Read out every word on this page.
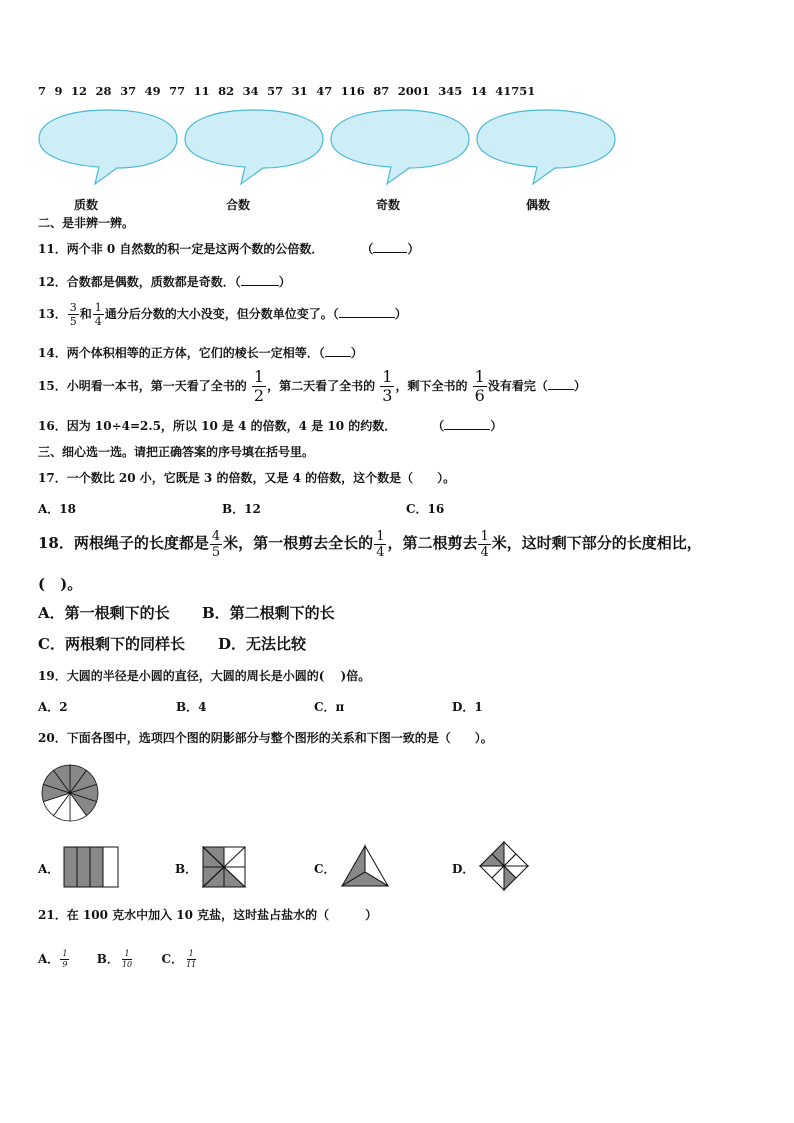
7 9 12 28 37 49 77 11 82 34 57 31 47 116 87 2001 345 14 41751
质数	合数	奇数	偶数
二、是非辨一辨。
11．两个非 0 自然数的积一定是这两个数的公倍数．	（	）
12．合数都是偶数，质数都是奇数．（	）
13． $\frac{3}{5}$ 和 $\frac{1}{4}$ 通分后分数的大小没变，但分数单位变了。（	）
14．两个体积相等的正方体，它们的棱长一定相等．（ ）
15．小明看一本书，第一天看了全书的 $\frac{1}{2}$ ，第二天看了全书的 $\frac{1}{3}$ ，剩下全书的 $\frac{1}{6}$ 没有看完（ ）
16．因为 10÷4=2.5，所以 10 是 4 的倍数，4 是 10 的约数．	（	）
三、细心选一选。请把正确答案的序号填在括号里。
17．一个数比 20 小，它既是 3 的倍数，又是 4 的倍数，这个数是（　　）。
A．18	B．12	C．16
18．两根绳子的长度都是 $\frac{4}{5}$ 米，第一根剪去全长的 $\frac{1}{4}$ ，第二根剪去 $\frac{1}{4}$ 米，这时剩下部分的长度相比，
(　)。
A．第一根剩下的长 B．第二根剩下的长
C．两根剩下的同样长 D．无法比较
19．大圆的半径是小圆的直径，大圆的周长是小圆的(　 )倍。
A．2	B．4	C．π	D．1
20．下面各图中，选项四个图的阴影部分与整个图形的关系和下图一致的是（　　）。
A．	B．	C．	D．
21．在 100 克水中加入 10 克盐，这时盐占盐水的（　　　）
A． $\frac{1}{9}$ B． $\frac{1}{10}$ C． $\frac{1}{11}$
